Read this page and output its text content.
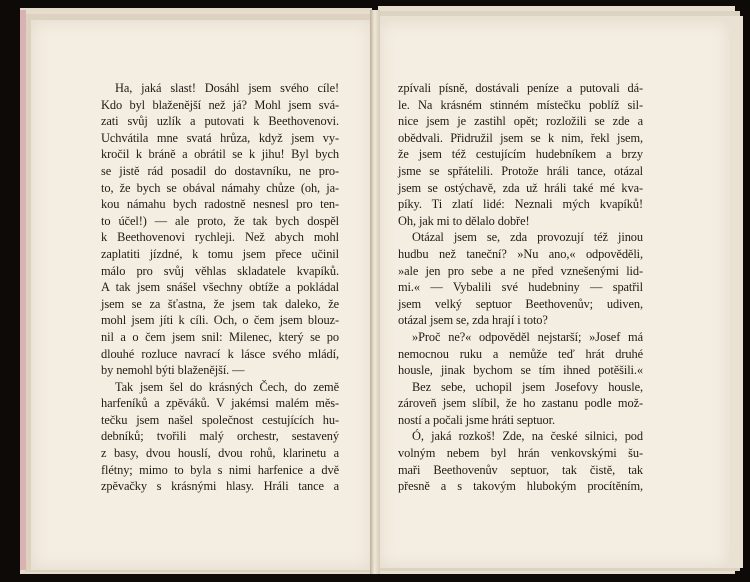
Ha, jaká slast! Dosáhl jsem svého cíle!
Kdo byl blaženější než já? Mohl jsem svá-
zati svůj uzlík a putovati k Beethovenovi.
Uchvátila mne svatá hrůza, když jsem vy-
kročil k bráně a obrátil se k jihu! Byl bych
se jistě rád posadil do dostavníku, ne pro-
to, že bych se obával námahy chůze (oh, ja-
kou námahu bych radostně nesnesl pro ten-
to účel!) — ale proto, že tak bych dospěl
k Beethovenovi rychleji. Než abych mohl
zaplatiti jízdné, k tomu jsem přece učinil
málo pro svůj věhlas skladatele kvapíků.
A tak jsem snášel všechny obtíže a pokládal
jsem se za šťastna, že jsem tak daleko, že
mohl jsem jíti k cíli. Och, o čem jsem blouz-
nil a o čem jsem snil: Milenec, který se po
dlouhé rozluce navrací k lásce svého mládí,
by nemohl býti blaženější. —
Tak jsem šel do krásných Čech, do země
harfeníků a zpěváků. V jakémsi malém měs-
tečku jsem našel společnost cestujících hu-
debníků; tvořili malý orchestr, sestavený
z basy, dvou houslí, dvou rohů, klarinetu a
flétny; mimo to byla s nimi harfenice a dvě
zpěvačky s krásnými hlasy. Hráli tance a
zpívali písně, dostávali peníze a putovali dá-
le. Na krásném stinném místečku poblíž sil-
nice jsem je zastihl opět; rozložili se zde a
obědvali. Přidružil jsem se k nim, řekl jsem,
že jsem též cestujícím hudebníkem a brzy
jsme se spřátelili. Protože hráli tance, otázal
jsem se ostýchavě, zda už hráli také mé kva-
píky. Ti zlatí lidé: Neznali mých kvapíků!
Oh, jak mi to dělalo dobře!
Otázal jsem se, zda provozují též jinou
hudbu než taneční? »Nu ano,« odpověděli,
»ale jen pro sebe a ne před vznešenými lid-
mi.« — Vybalili své hudebniny — spatřil
jsem velký septuor Beethovenův; udiven,
otázal jsem se, zda hrají i toto?
»Proč ne?« odpověděl nejstarší; »Josef má
nemocnou ruku a nemůže teď hrát druhé
housle, jinak bychom se tím ihned potěšili.«
Bez sebe, uchopil jsem Josefovy housle,
zároveň jsem slíbil, že ho zastanu podle mož-
ností a počali jsme hráti septuor.
Ó, jaká rozkoš! Zde, na české silnici, pod
volným nebem byl hrán venkovskými šu-
maři Beethovenův septuor, tak čistě, tak
přesně a s takovým hlubokým procítěním,
